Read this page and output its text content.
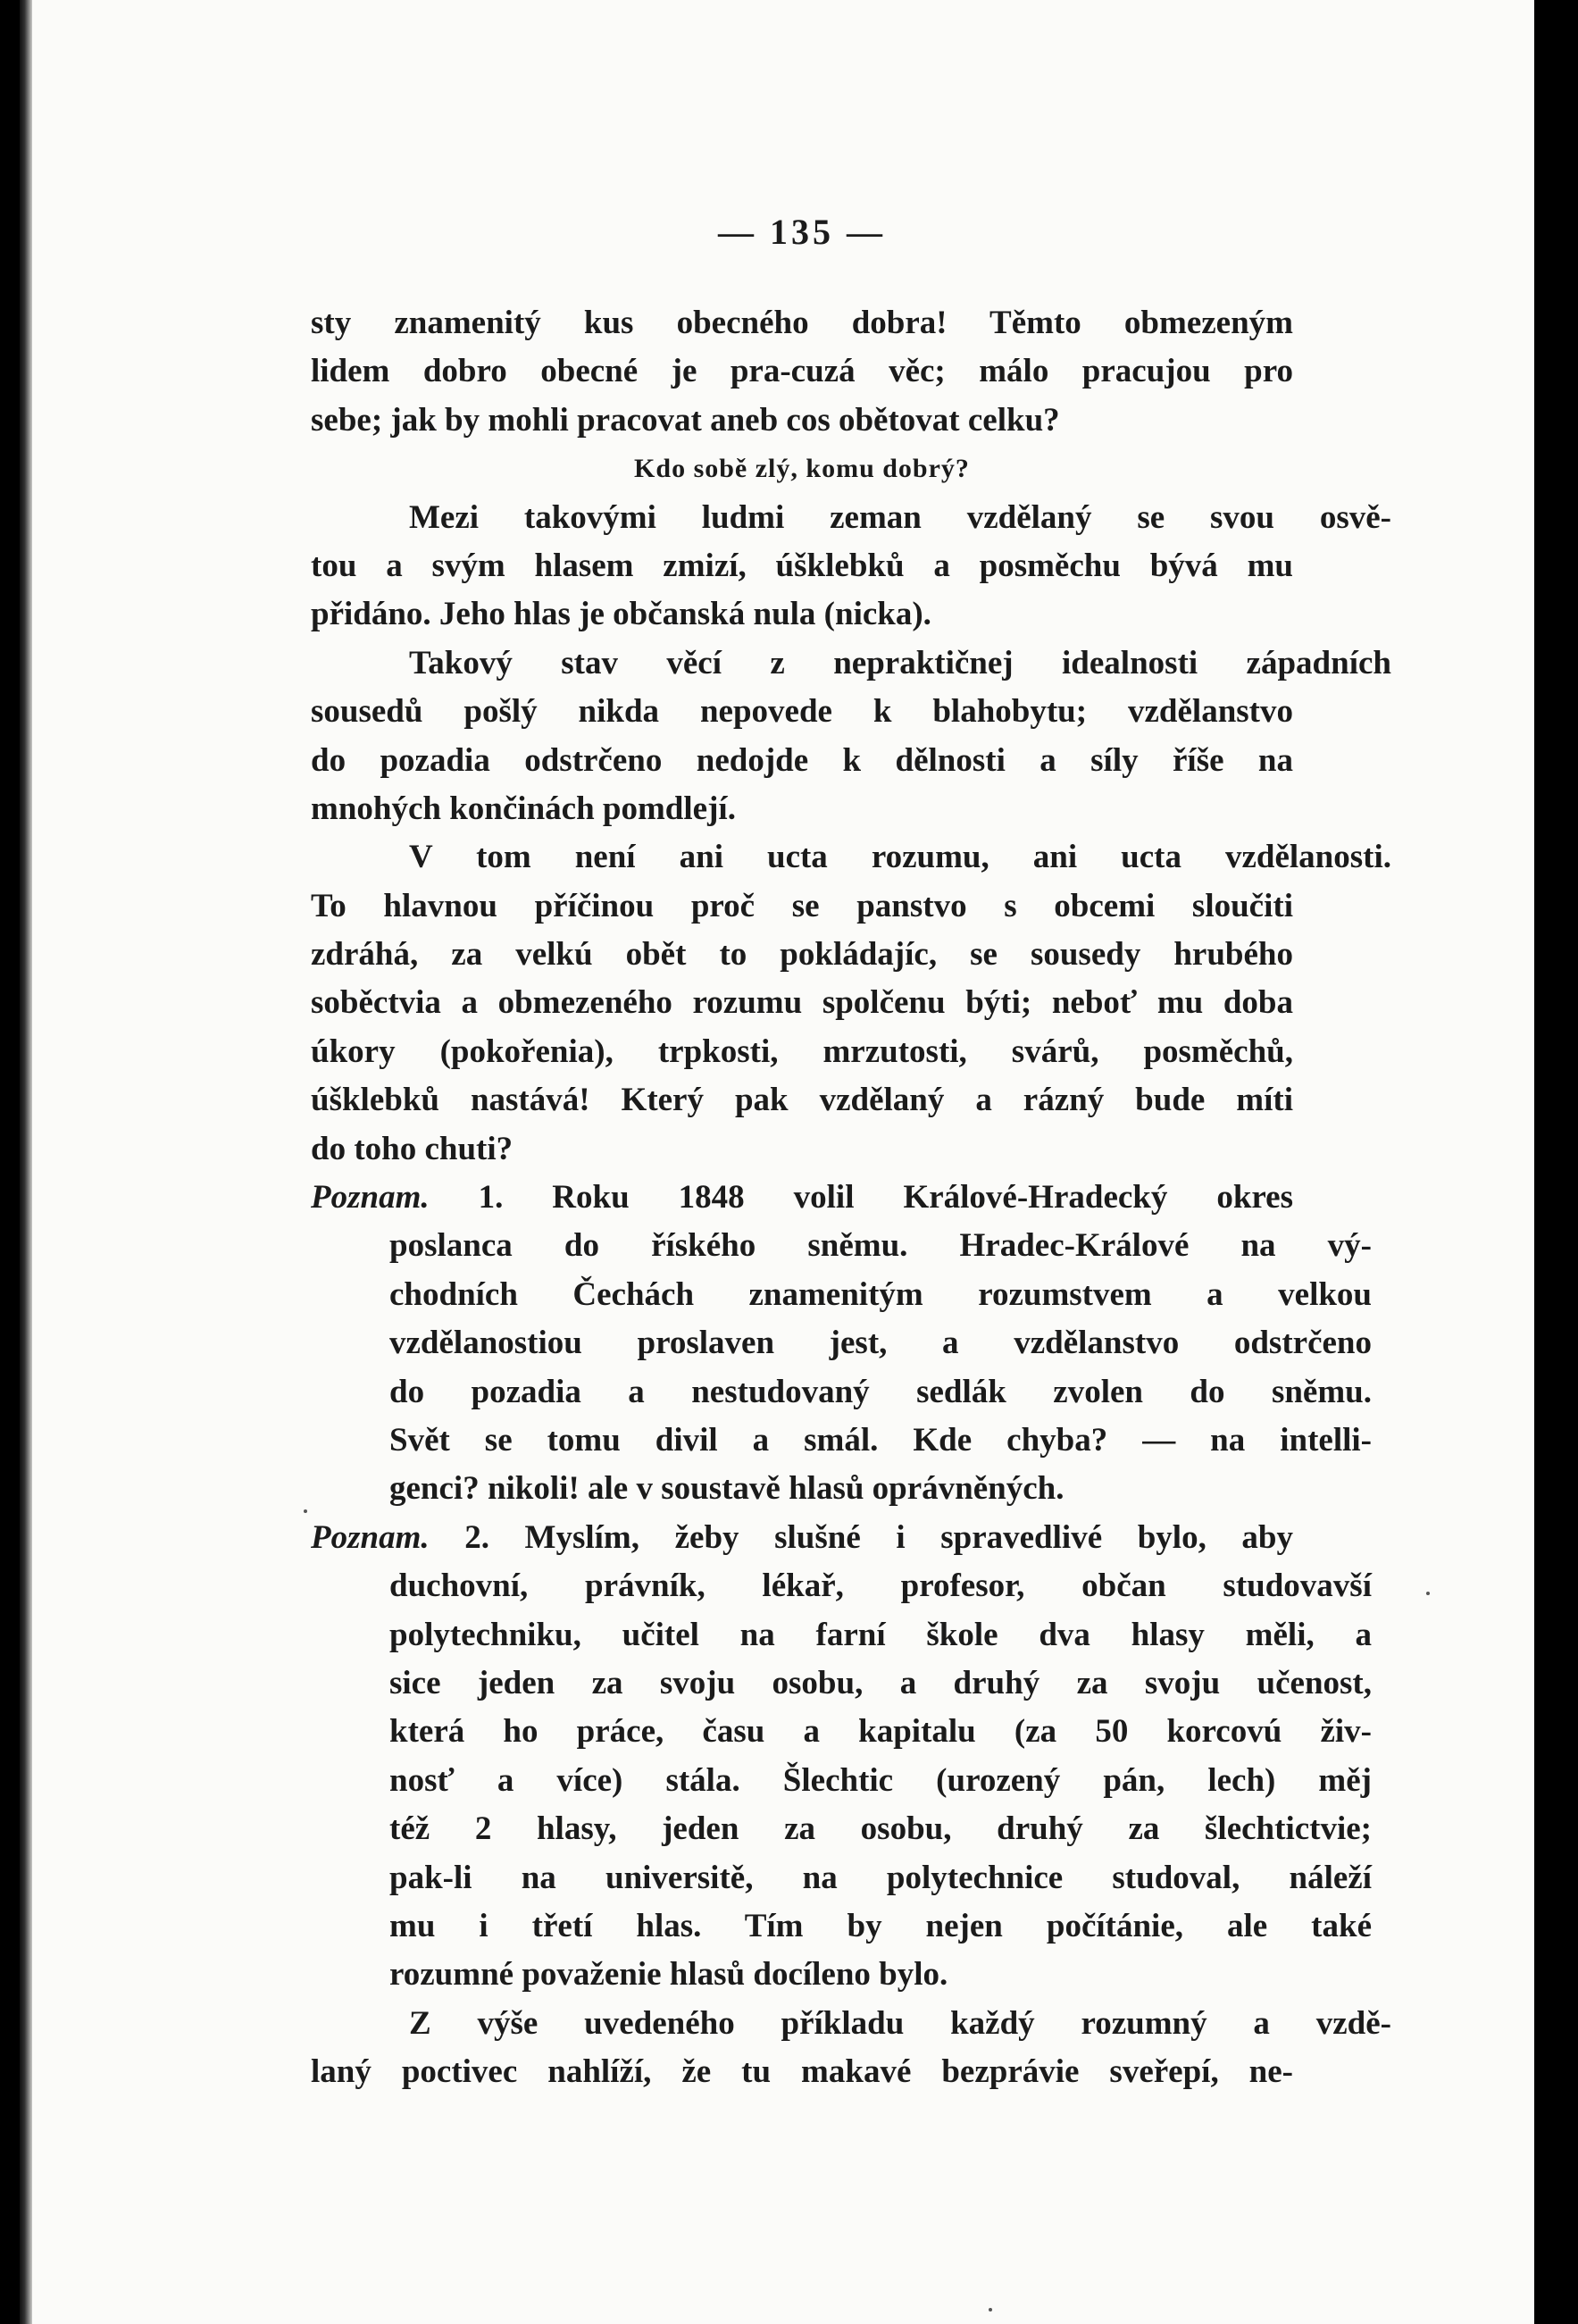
— 135 —
sty znamenitý kus obecného dobra! Těmto obmezeným
lidem dobro obecné je pra-cuzá věc; málo pracujou pro
sebe; jak by mohli pracovat aneb cos obětovat celku?
Kdo sobě zlý, komu dobrý?
Mezi takovými ludmi zeman vzdělaný se svou osvě-
tou a svým hlasem zmizí, úšklebků a posměchu bývá mu
přidáno. Jeho hlas je občanská nula (nicka).
Takový stav věcí z nepraktičnej idealnosti západních
sousedů pošlý nikda nepovede k blahobytu; vzdělanstvo
do pozadia odstrčeno nedojde k dělnosti a síly říše na
mnohých končinách pomdlejí.
V tom není ani ucta rozumu, ani ucta vzdělanosti.
To hlavnou příčinou proč se panstvo s obcemi sloučiti
zdráhá, za velkú obět to pokládajíc, se sousedy hrubého
soběctvia a obmezeného rozumu spolčenu býti; neboť mu doba
úkory (pokořenia), trpkosti, mrzutosti, svárů, posměchů,
úšklebků nastává! Který pak vzdělaný a rázný bude míti
do toho chuti?
Poznam. 1. Roku 1848 volil Králové-Hradecký okres
poslanca do říského sněmu. Hradec-Králové na vý-
chodních Čechách znamenitým rozumstvem a velkou
vzdělanostiou proslaven jest, a vzdělanstvo odstrčeno
do pozadia a nestudovaný sedlák zvolen do sněmu.
Svět se tomu divil a smál. Kde chyba? — na intelli-
genci? nikoli! ale v soustavě hlasů oprávněných.
Poznam. 2. Myslím, žeby slušné i spravedlivé bylo, aby
duchovní, právník, lékař, profesor, občan studovavší
polytechniku, učitel na farní škole dva hlasy měli, a
sice jeden za svoju osobu, a druhý za svoju učenost,
která ho práce, času a kapitalu (za 50 korcovú živ-
nosť a více) stála. Šlechtic (urozený pán, lech) měj
též 2 hlasy, jeden za osobu, druhý za šlechtictvie;
pak-li na universitě, na polytechnice studoval, náleží
mu i třetí hlas. Tím by nejen počítánie, ale také
rozumné považenie hlasů docíleno bylo.
Z výše uvedeného příkladu každý rozumný a vzdě-
laný poctivec nahlíží, že tu makavé bezprávie sveřepí, ne-
